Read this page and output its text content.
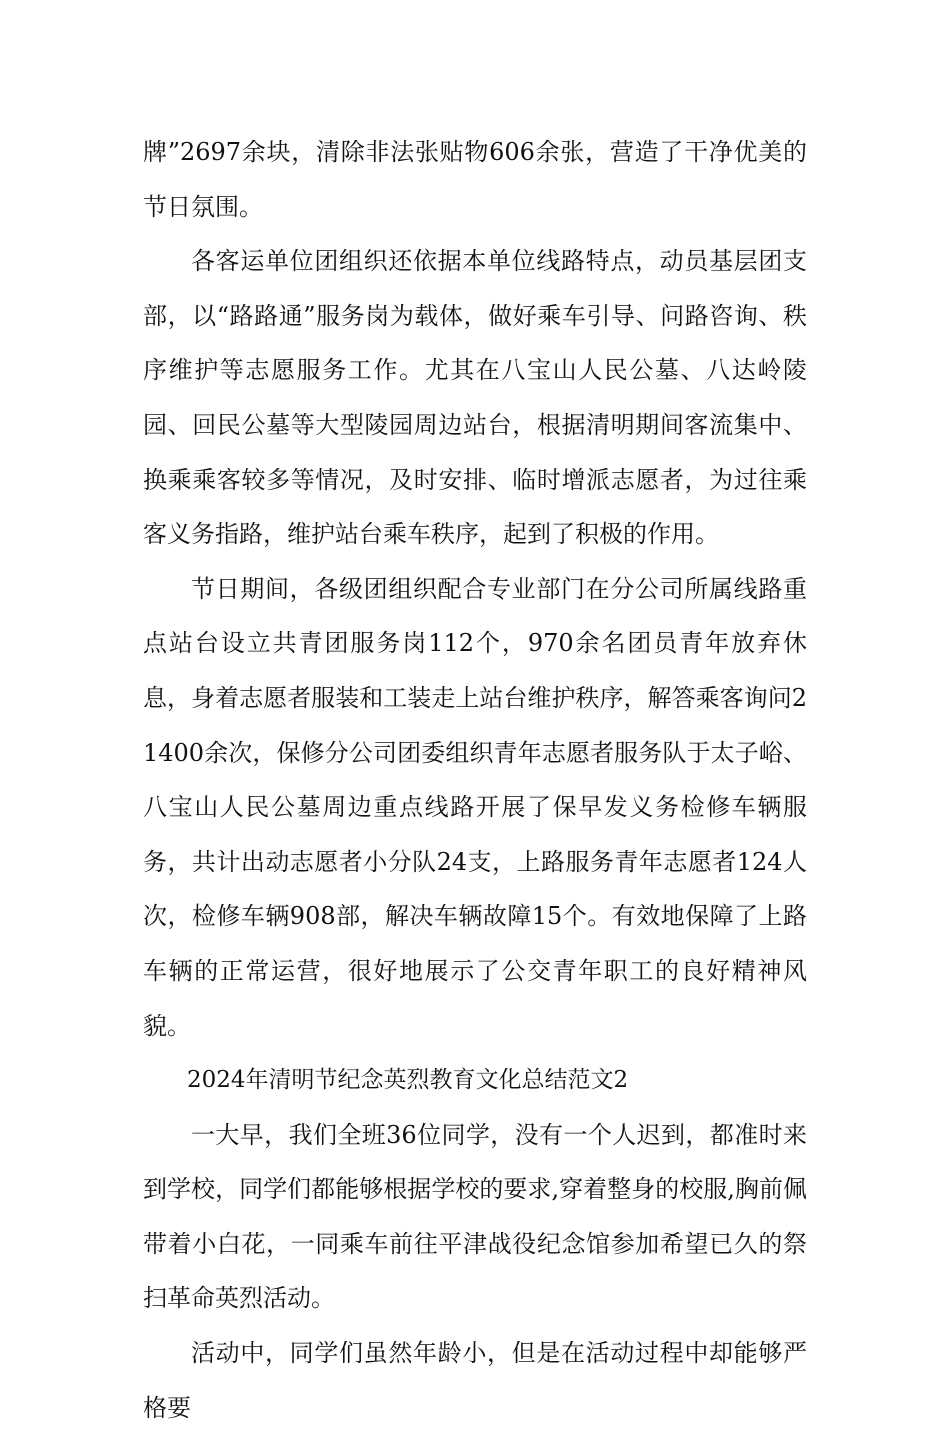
牌”2697余块，清除非法张贴物606余张，营造了干净优美的节日氛围。

各客运单位团组织还依据本单位线路特点，动员基层团支部，以“路路通”服务岗为载体，做好乘车引导、问路咨询、秩序维护等志愿服务工作。尤其在八宝山人民公墓、八达岭陵园、回民公墓等大型陵园周边站台，根据清明期间客流集中、换乘乘客较多等情况，及时安排、临时增派志愿者，为过往乘客义务指路，维护站台乘车秩序，起到了积极的作用。

节日期间，各级团组织配合专业部门在分公司所属线路重点站台设立共青团服务岗112个，970余名团员青年放弃休息，身着志愿者服装和工装走上站台维护秩序，解答乘客询问21400余次，保修分公司团委组织青年志愿者服务队于太子峪、八宝山人民公墓周边重点线路开展了保早发义务检修车辆服务，共计出动志愿者小分队24支，上路服务青年志愿者124人次，检修车辆908部，解决车辆故障15个。有效地保障了上路车辆的正常运营，很好地展示了公交青年职工的良好精神风貌。

2024年清明节纪念英烈教育文化总结范文2

一大早，我们全班36位同学，没有一个人迟到，都准时来到学校，同学们都能够根据学校的要求,穿着整身的校服,胸前佩带着小白花，一同乘车前往平津战役纪念馆参加希望已久的祭扫革命英烈活动。

活动中，同学们虽然年龄小，但是在活动过程中却能够严格要
